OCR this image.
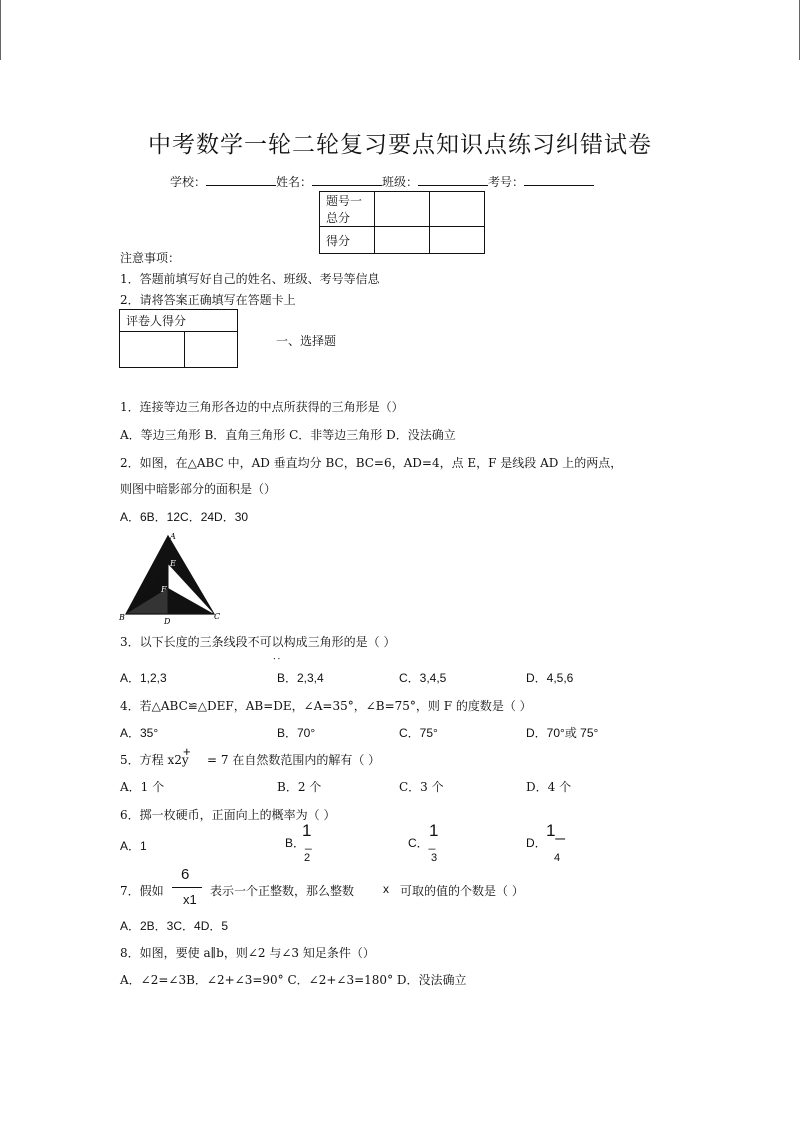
中考数学一轮二轮复习要点知识点练习纠错试卷
学校：	姓名：	班级：	考号：
题号一总分		
得分		
注意事项：
1．答题前填写好自己的姓名、班级、考号等信息
2．请将答案正确填写在答题卡上
评卷人得分

一、选择题
1．连接等边三角形各边的中点所获得的三角形是（）
A．等边三角形 B．直角三角形 C．非等边三角形 D．没法确立
2．如图，在△ABC 中，AD 垂直均分 BC，BC=6，AD=4，点 E，F 是线段 AD 上的两点，
则图中暗影部分的面积是（）
A．6B．12C．24D．30
A
B	C
D
E
F
3．以下长度的三条线段不可以构成三角形的是（ ）
．．
A．1,2,3	B．2,3,4	C．3,4,5	D．4,5,6
4．若△ABC≌△DEF，AB=DE，∠A=35°，∠B=75°，则 F 的度数是（ ）
A．35°	B．70°	C．75°	D．70°或 75°
5．方程 x2y
+
= 7 在自然数范围内的解有（ ）
A．1 个	B．2 个	C．3 个	D．4 个
6．掷一枚硬币，正面向上的概率为（ ）
A．1	B．_
1
2
C．_
1
3
D．
1_
4
7．假如
6
x1
表示一个正整数，那么整数 x 可取的值的个数是（ ）
A．2B．3C．4D．5
8．如图，要使 a∥b，则∠2 与∠3 知足条件（）
A．∠2=∠3B．∠2+∠3=90° C．∠2+∠3=180° D．没法确立
